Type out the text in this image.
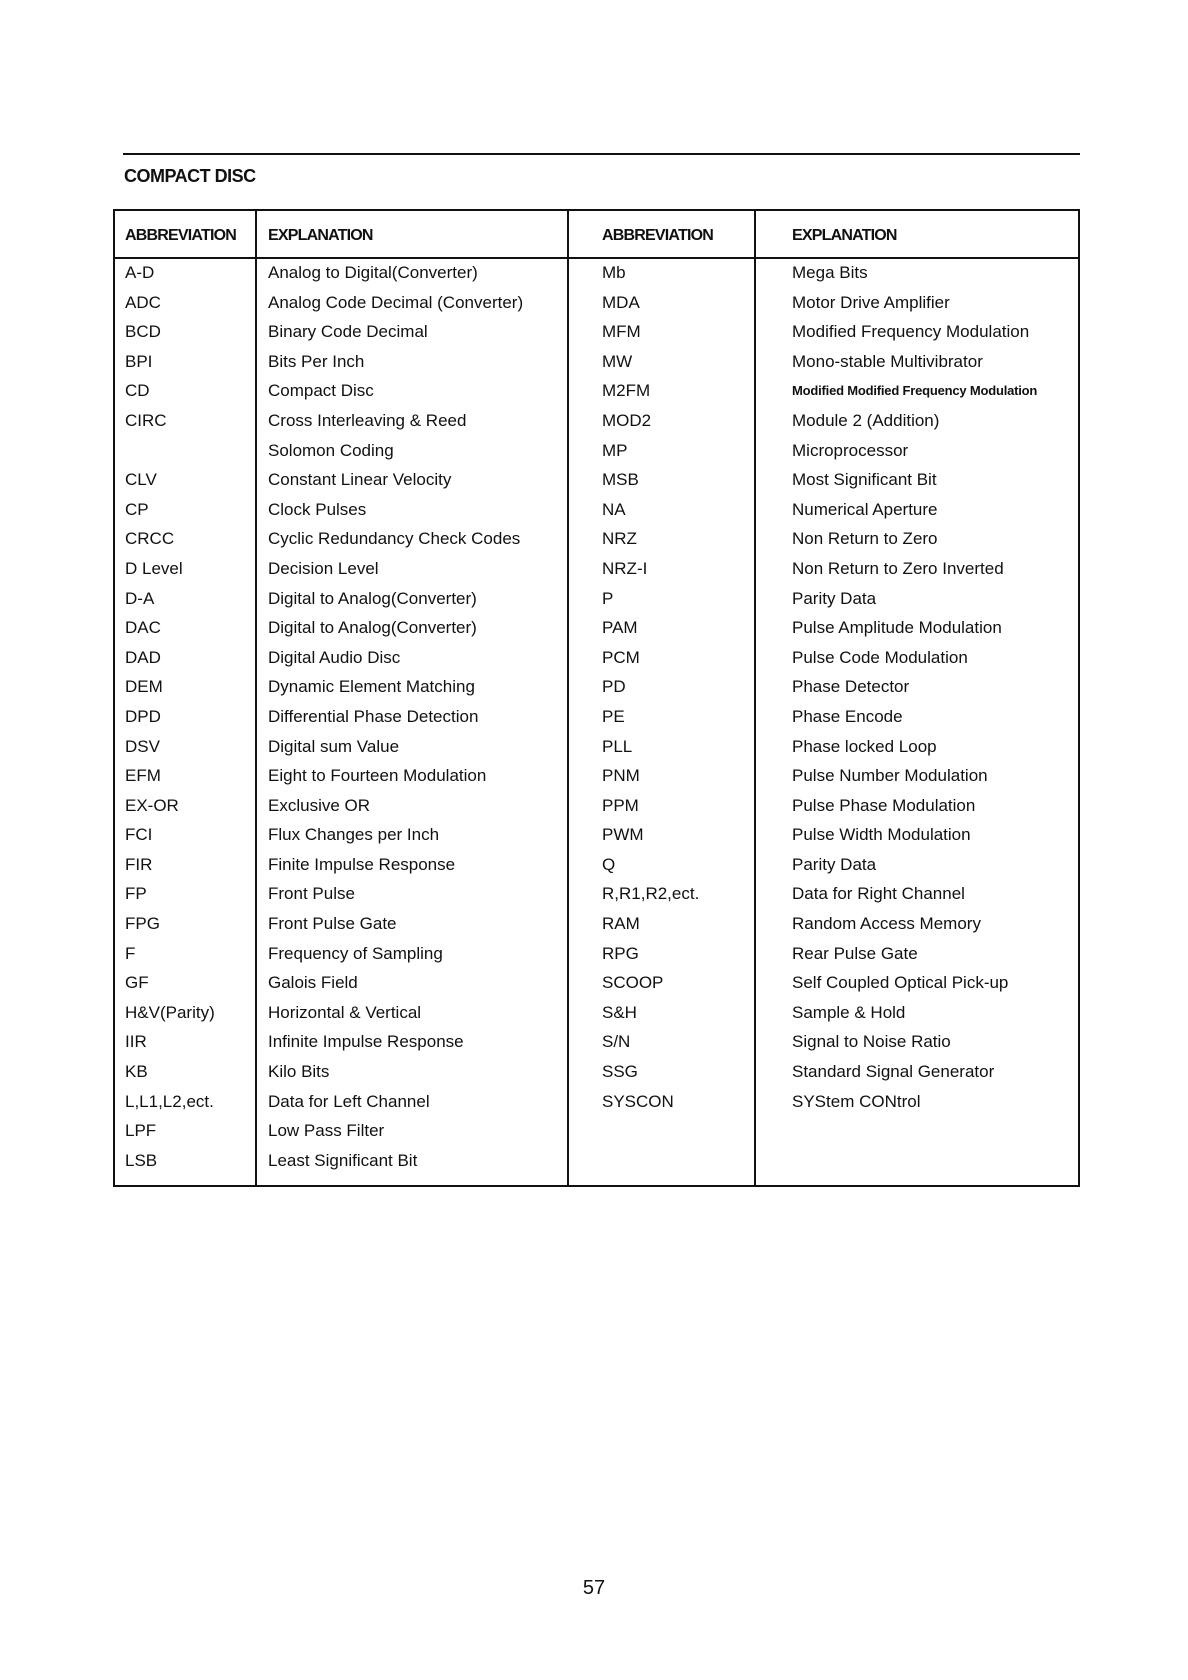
COMPACT DISC
ABBREVIATION EXPLANATION	ABBREVIATION	EXPLANATION
A-D
ADC
BCD
BPI
CD
CIRC
CLV
CP
CRCC
D Level
D-A
DAC
DAD
DEM
DPD
DSV
EFM
EX-OR
FCI
FIR
FP
FPG
F
GF
H&V(Parity)
IIR
KB
L,L1,L2,ect.
LPF
LSB
Analog to Digital(Converter)
Analog Code Decimal (Converter)
Binary Code Decimal
Bits Per Inch
Compact Disc
Cross Interleaving & Reed
Solomon Coding
Constant Linear Velocity
Clock Pulses
Cyclic Redundancy Check Codes
Decision Level
Digital to Analog(Converter)
Digital to Analog(Converter)
Digital Audio Disc
Dynamic Element Matching
Differential Phase Detection
Digital sum Value
Eight to Fourteen Modulation
Exclusive OR
Flux Changes per Inch
Finite Impulse Response
Front Pulse
Front Pulse Gate
Frequency of Sampling
Galois Field
Horizontal & Vertical
Infinite Impulse Response
Kilo Bits
Data for Left Channel
Low Pass Filter
Least Significant Bit
Mb
MDA
MFM
MW
M2FM
MOD2
MP
MSB
NA
NRZ
NRZ-I
P
PAM
PCM
PD
PE
PLL
PNM
PPM
PWM
Q
R,R1,R2,ect.
RAM
RPG
SCOOP
S&H
S/N
SSG
SYSCON
Mega Bits
Motor Drive Amplifier
Modified Frequency Modulation
Mono-stable Multivibrator
Modified Modified Frequency Modulation
Module 2 (Addition)
Microprocessor
Most Significant Bit
Numerical Aperture
Non Return to Zero
Non Return to Zero Inverted
Parity Data
Pulse Amplitude Modulation
Pulse Code Modulation
Phase Detector
Phase Encode
Phase locked Loop
Pulse Number Modulation
Pulse Phase Modulation
Pulse Width Modulation
Parity Data
Data for Right Channel
Random Access Memory
Rear Pulse Gate
Self Coupled Optical Pick-up
Sample & Hold
Signal to Noise Ratio
Standard Signal Generator
SYStem CONtrol
57
